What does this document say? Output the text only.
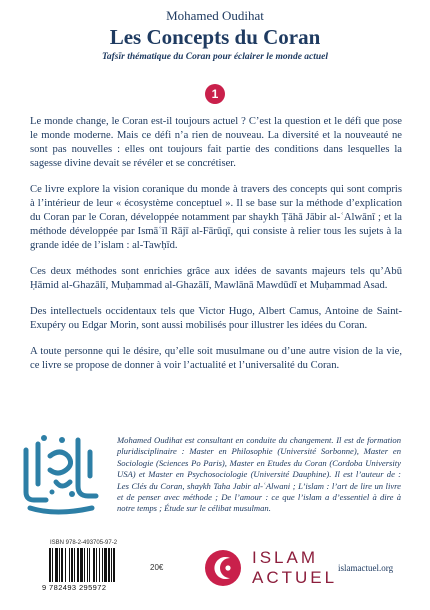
Mohamed Oudihat
Les Concepts du Coran
Tafsīr thématique du Coran pour éclairer le monde actuel
1

Le monde change, le Coran est-il toujours actuel ? C’est la question et le défi que pose le monde moderne. Mais ce défi n’a rien de nouveau. La diversité et la nouveauté ne sont pas nouvelles : elles ont toujours fait partie des conditions dans lesquelles la sagesse divine devait se révéler et se concrétiser.

Ce livre explore la vision coranique du monde à travers des concepts qui sont compris à l’intérieur de leur « écosystème conceptuel ». Il se base sur la méthode d’explication du Coran par le Coran, développée notamment par shaykh Ṭāhā Jābir al-ʿAlwānī ; et la méthode développée par Ismāʿīl Rājī al-Fārūqī, qui consiste à relier tous les sujets à la grande idée de l’islam : al-Tawḥīd.

Ces deux méthodes sont enrichies grâce aux idées de savants majeurs tels qu’Abū Ḥāmid al-Ghazālī, Muḥammad al-Ghazālī, Mawlānā Mawdūdī et Muḥammad Asad.

Des intellectuels occidentaux tels que Victor Hugo, Albert Camus, Antoine de Saint-Exupéry ou Edgar Morin, sont aussi mobilisés pour illustrer les idées du Coran.

A toute personne qui le désire, qu’elle soit musulmane ou d’une autre vision de la vie, ce livre se propose de donner à voir l’actualité et l’universalité du Coran.

Mohamed Oudihat est consultant en conduite du changement. Il est de formation pluridisciplinaire : Master en Philosophie (Université Sorbonne), Master en Sociologie (Sciences Po Paris), Master en Etudes du Coran (Cordoba University USA) et Master en Psychosociologie (Université Dauphine). Il est l’auteur de : Les Clés du Coran, shaykh Taha Jabir al-ʿAlwani ; L’islam : l’art de lire un livre et de penser avec méthode ; De l’amour : ce que l’islam a d’essentiel à dire à notre temps ; Étude sur le célibat musulman.

ISBN 978-2-493705-97-2
9 782493 295972
20€
ISLAM
ACTUEL islamactuel.org
